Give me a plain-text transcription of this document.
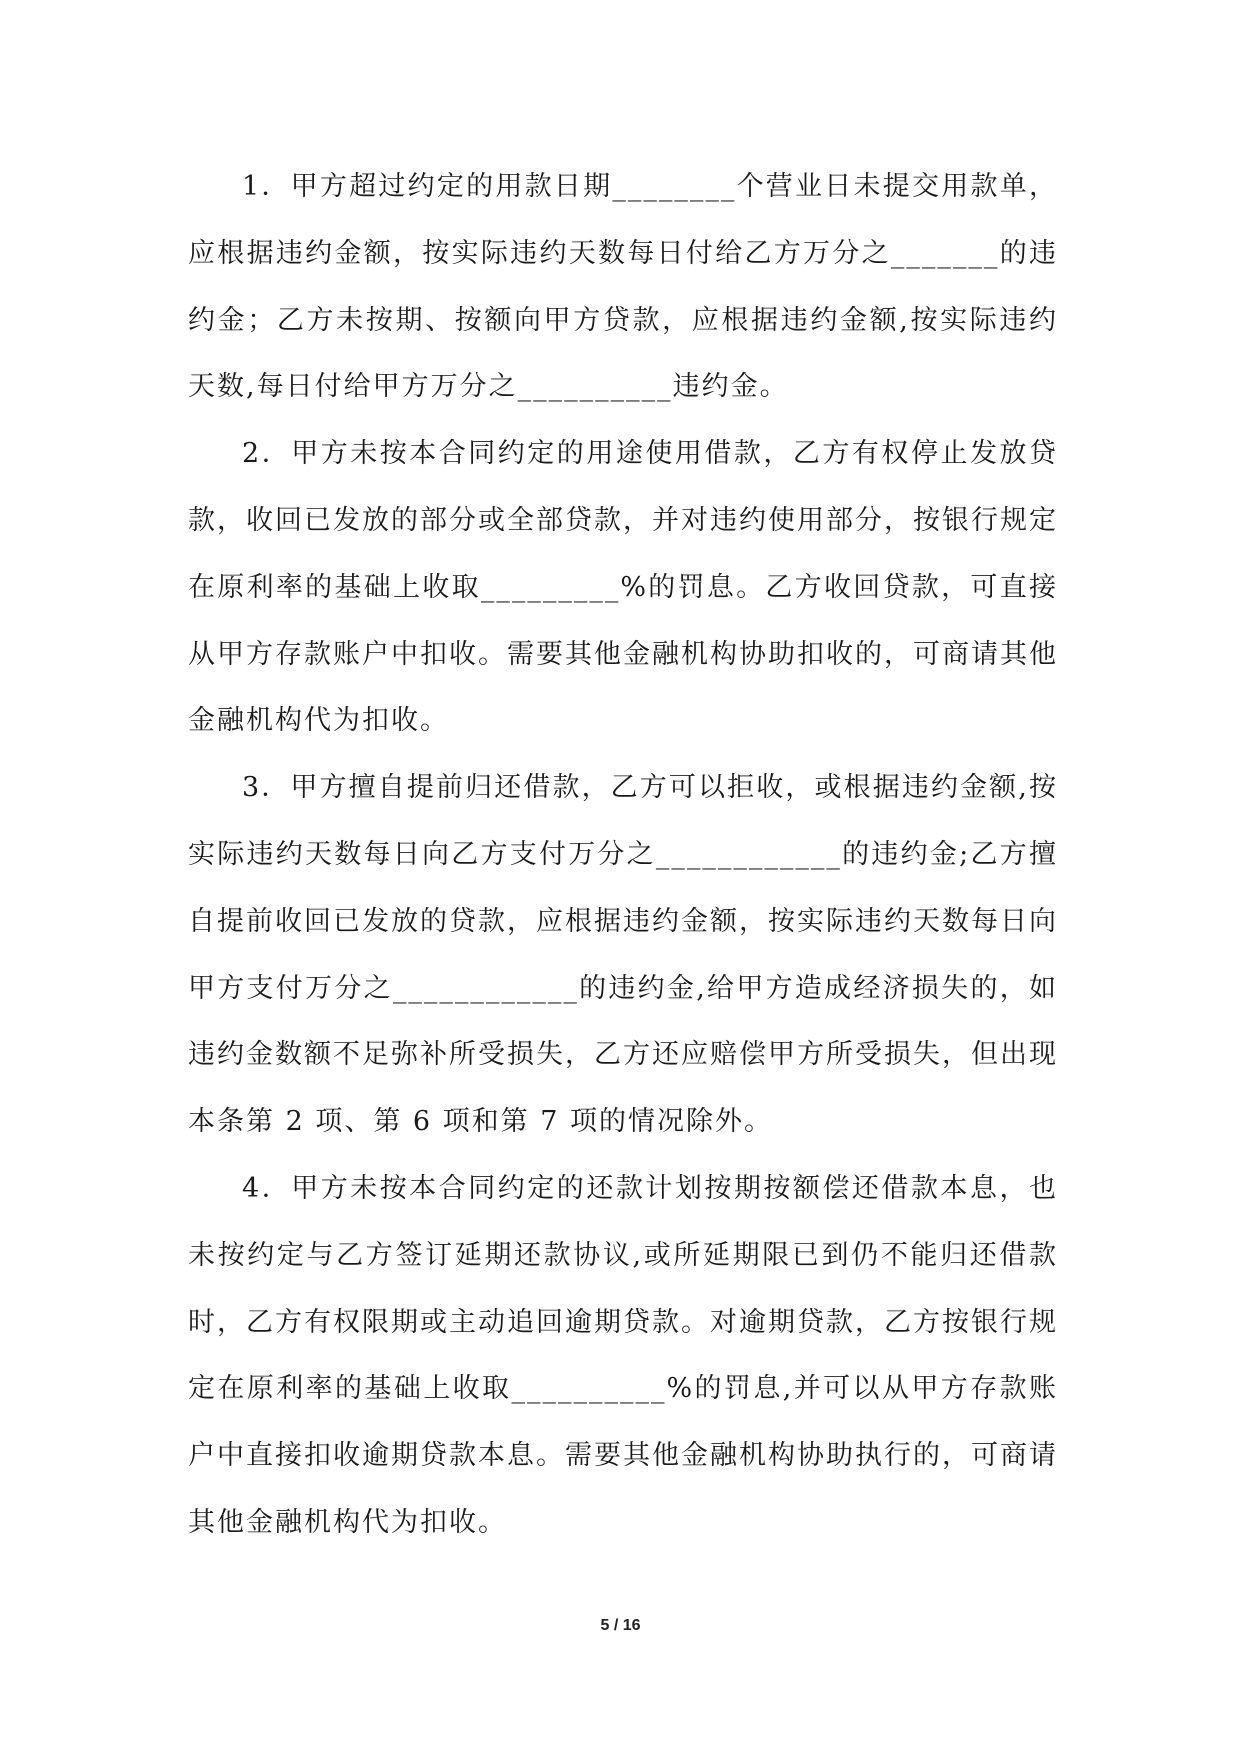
1．甲方超过约定的用款日期________个营业日未提交用款单，应根据违约金额，按实际违约天数每日付给乙方万分之_______的违约金；乙方未按期、按额向甲方贷款，应根据违约金额,按实际违约天数,每日付给甲方万分之__________违约金。

2．甲方未按本合同约定的用途使用借款，乙方有权停止发放贷款，收回已发放的部分或全部贷款，并对违约使用部分，按银行规定在原利率的基础上收取_________%的罚息。乙方收回贷款，可直接从甲方存款账户中扣收。需要其他金融机构协助扣收的，可商请其他金融机构代为扣收。

3．甲方擅自提前归还借款，乙方可以拒收，或根据违约金额,按实际违约天数每日向乙方支付万分之____________的违约金;乙方擅自提前收回已发放的贷款，应根据违约金额，按实际违约天数每日向甲方支付万分之____________的违约金,给甲方造成经济损失的，如违约金数额不足弥补所受损失，乙方还应赔偿甲方所受损失，但出现本条第 2 项、第 6 项和第 7 项的情况除外。

4．甲方未按本合同约定的还款计划按期按额偿还借款本息，也未按约定与乙方签订延期还款协议,或所延期限已到仍不能归还借款时，乙方有权限期或主动追回逾期贷款。对逾期贷款，乙方按银行规定在原利率的基础上收取__________%的罚息,并可以从甲方存款账户中直接扣收逾期贷款本息。需要其他金融机构协助执行的，可商请其他金融机构代为扣收。

5 / 16
